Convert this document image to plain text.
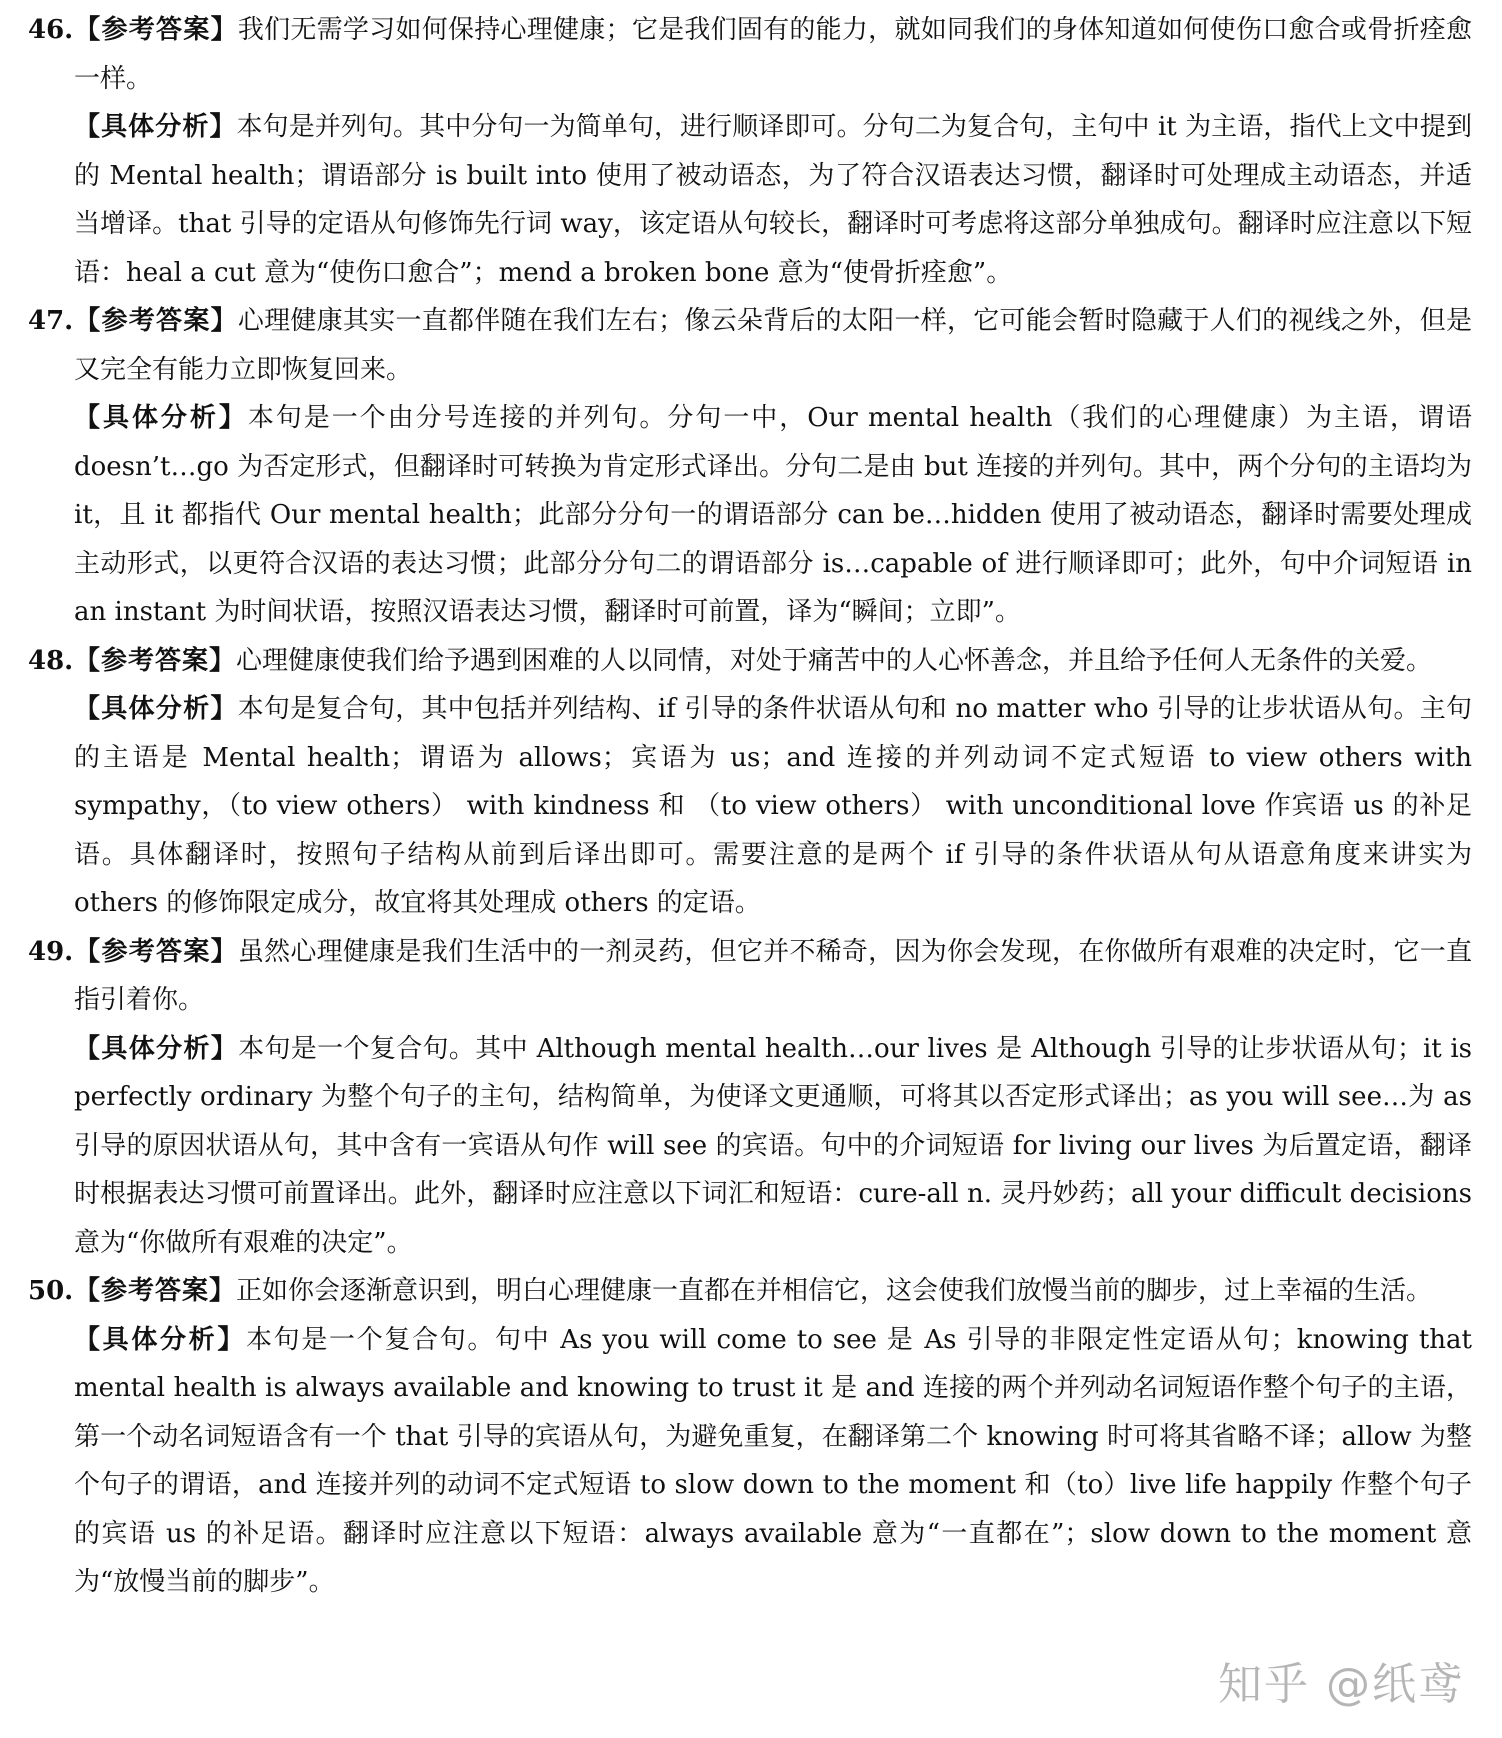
46.【参考答案】我们无需学习如何保持心理健康；它是我们固有的能力，就如同我们的身体知道如何使伤口愈合或骨折痊愈一样。
【具体分析】本句是并列句。其中分句一为简单句，进行顺译即可。分句二为复合句，主句中 it 为主语，指代上文中提到的 Mental health；谓语部分 is built into 使用了被动语态，为了符合汉语表达习惯，翻译时可处理成主动语态，并适当增译。that 引导的定语从句修饰先行词 way，该定语从句较长，翻译时可考虑将这部分单独成句。翻译时应注意以下短语：heal a cut 意为“使伤口愈合”；mend a broken bone 意为“使骨折痊愈”。
47.【参考答案】心理健康其实一直都伴随在我们左右；像云朵背后的太阳一样，它可能会暂时隐藏于人们的视线之外，但是又完全有能力立即恢复回来。
【具体分析】本句是一个由分号连接的并列句。分句一中，Our mental health（我们的心理健康）为主语，谓语 doesn’t…go 为否定形式，但翻译时可转换为肯定形式译出。分句二是由 but 连接的并列句。其中，两个分句的主语均为 it，且 it 都指代 Our mental health；此部分分句一的谓语部分 can be…hidden 使用了被动语态，翻译时需要处理成主动形式，以更符合汉语的表达习惯；此部分分句二的谓语部分 is…capable of 进行顺译即可；此外，句中介词短语 in an instant 为时间状语，按照汉语表达习惯，翻译时可前置，译为“瞬间；立即”。
48.【参考答案】心理健康使我们给予遇到困难的人以同情，对处于痛苦中的人心怀善念，并且给予任何人无条件的关爱。
【具体分析】本句是复合句，其中包括并列结构、if 引导的条件状语从句和 no matter who 引导的让步状语从句。主句的主语是 Mental health；谓语为 allows；宾语为 us；and 连接的并列动词不定式短语 to view others with sympathy，（to view others） with kindness 和 （to view others） with unconditional love 作宾语 us 的补足语。具体翻译时，按照句子结构从前到后译出即可。需要注意的是两个 if 引导的条件状语从句从语意角度来讲实为 others 的修饰限定成分，故宜将其处理成 others 的定语。
49.【参考答案】虽然心理健康是我们生活中的一剂灵药，但它并不稀奇，因为你会发现，在你做所有艰难的决定时，它一直指引着你。
【具体分析】本句是一个复合句。其中 Although mental health…our lives 是 Although 引导的让步状语从句；it is perfectly ordinary 为整个句子的主句，结构简单，为使译文更通顺，可将其以否定形式译出；as you will see…为 as 引导的原因状语从句，其中含有一宾语从句作 will see 的宾语。句中的介词短语 for living our lives 为后置定语，翻译时根据表达习惯可前置译出。此外，翻译时应注意以下词汇和短语：cure-all n. 灵丹妙药；all your difficult decisions 意为“你做所有艰难的决定”。
50.【参考答案】正如你会逐渐意识到，明白心理健康一直都在并相信它，这会使我们放慢当前的脚步，过上幸福的生活。
【具体分析】本句是一个复合句。句中 As you will come to see 是 As 引导的非限定性定语从句；knowing that mental health is always available and knowing to trust it 是 and 连接的两个并列动名词短语作整个句子的主语，第一个动名词短语含有一个 that 引导的宾语从句，为避免重复，在翻译第二个 knowing 时可将其省略不译；allow 为整个句子的谓语，and 连接并列的动词不定式短语 to slow down to the moment 和（to）live life happily 作整个句子的宾语 us 的补足语。翻译时应注意以下短语：always available 意为“一直都在”；slow down to the moment 意为“放慢当前的脚步”。
知乎 @纸鸢
